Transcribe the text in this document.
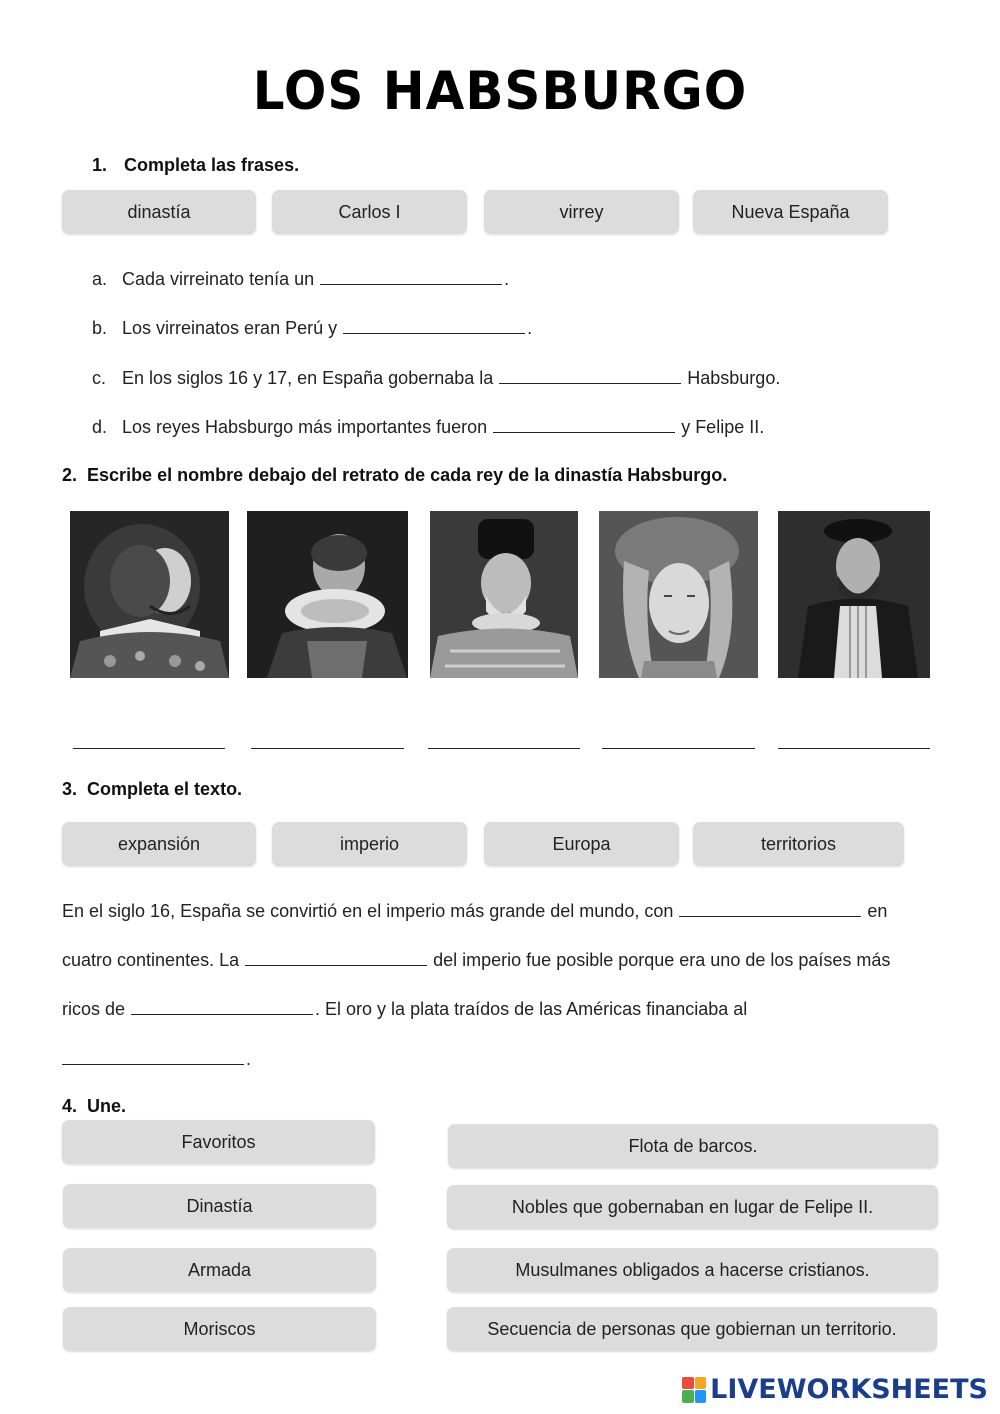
LOS HABSBURGO
1. Completa las frases.
dinastía	Carlos I	virrey	Nueva España
a. Cada virreinato tenía un	.
b. Los virreinatos eran Perú y	.
c. En los siglos 16 y 17, en España gobernaba la	Habsburgo.
d. Los reyes Habsburgo más importantes fueron	y Felipe II.
2. Escribe el nombre debajo del retrato de cada rey de la dinastía Habsburgo.
3. Completa el texto.
expansión	imperio	Europa	territorios
En el siglo 16, España se convirtió en el imperio más grande del mundo, con	en
cuatro continentes. La	del imperio fue posible porque era uno de los países más
ricos de	. El oro y la plata traídos de las Américas financiaba al
.
4. Une.
Favoritos
Dinastía
Armada
Moriscos
Flota de barcos.
Nobles que gobernaban en lugar de Felipe II.
Musulmanes obligados a hacerse cristianos.
Secuencia de personas que gobiernan un territorio.
LIVEWORKSHEETS
